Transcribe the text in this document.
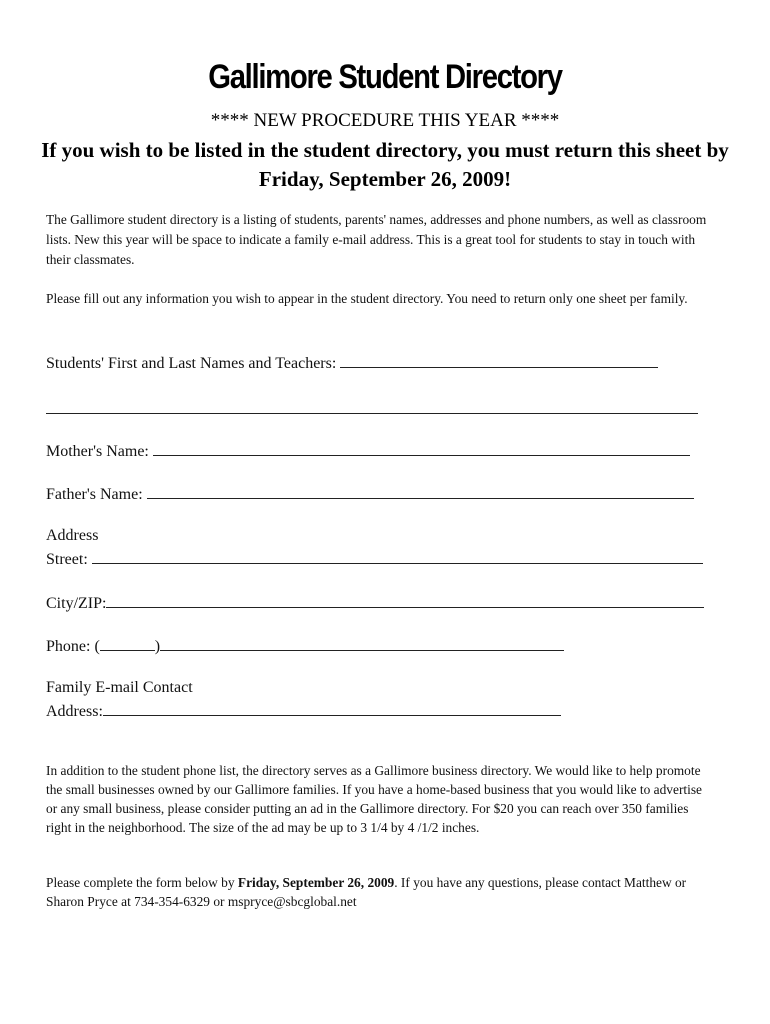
Gallimore Student Directory
**** NEW PROCEDURE THIS YEAR ****
If you wish to be listed in the student directory, you must return this sheet by Friday, September 26, 2009!
The Gallimore student directory is a listing of students, parents' names, addresses and phone numbers, as well as classroom lists. New this year will be space to indicate a family e-mail address. This is a great tool for students to stay in touch with their classmates.
Please fill out any information you wish to appear in the student directory. You need to return only one sheet per family.
Students' First and Last Names and Teachers:
Mother's Name:
Father's Name:
Address
Street:
City/ZIP:
Phone: (	)
Family E-mail Contact
Address:
In addition to the student phone list, the directory serves as a Gallimore business directory. We would like to help promote the small businesses owned by our Gallimore families. If you have a home-based business that you would like to advertise or any small business, please consider putting an ad in the Gallimore directory. For $20 you can reach over 350 families right in the neighborhood. The size of the ad may be up to 3 1/4 by 4 /1/2 inches.
Please complete the form below by Friday, September 26, 2009. If you have any questions, please contact Matthew or Sharon Pryce at 734-354-6329 or mspryce@sbcglobal.net
